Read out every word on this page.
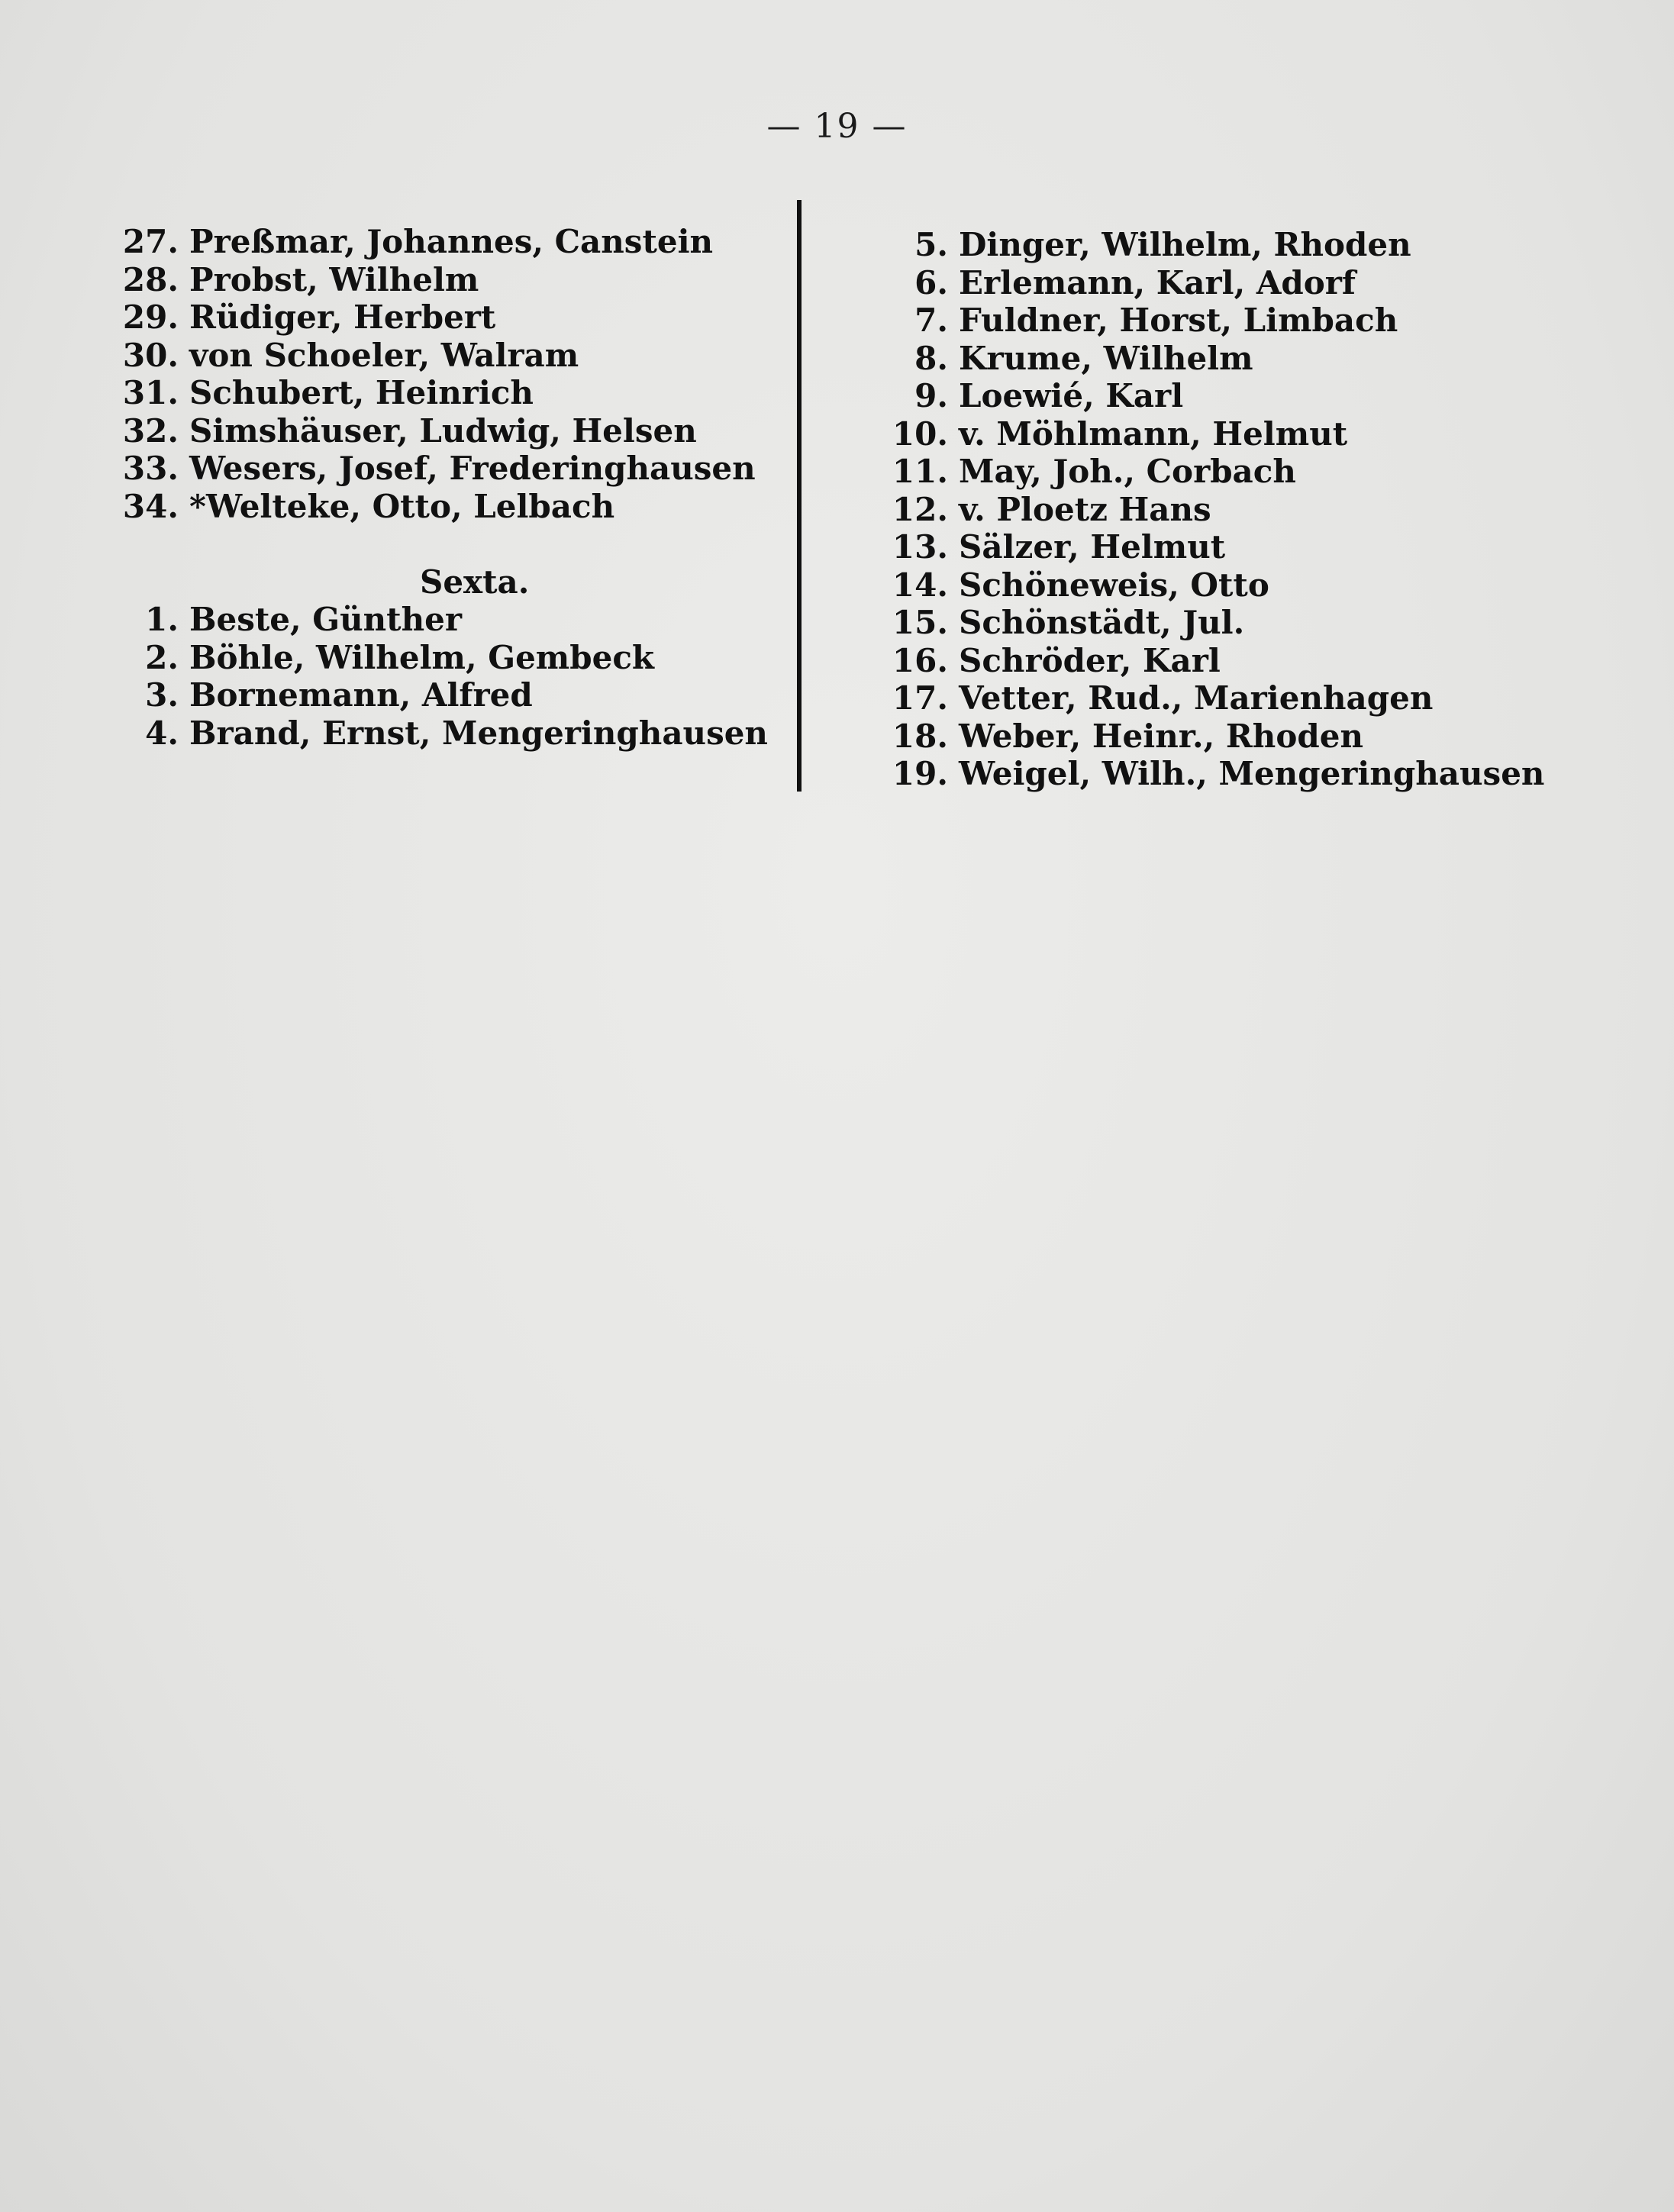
— 19 —
27. Preßmar, Johannes, Canstein
28. Probst, Wilhelm
29. Rüdiger, Herbert
30. von Schoeler, Walram
31. Schubert, Heinrich
32. Simshäuser, Ludwig, Helsen
33. Wesers, Josef, Frederinghausen
34. *Welteke, Otto, Lelbach
Sexta.
1. Beste, Günther
2. Böhle, Wilhelm, Gembeck
3. Bornemann, Alfred
4. Brand, Ernst, Mengeringhausen
5. Dinger, Wilhelm, Rhoden
6. Erlemann, Karl, Adorf
7. Fuldner, Horst, Limbach
8. Krume, Wilhelm
9. Loewié, Karl
10. v. Möhlmann, Helmut
11. May, Joh., Corbach
12. v. Ploetz Hans
13. Sälzer, Helmut
14. Schöneweis, Otto
15. Schönstädt, Jul.
16. Schröder, Karl
17. Vetter, Rud., Marienhagen
18. Weber, Heinr., Rhoden
19. Weigel, Wilh., Mengeringhausen
